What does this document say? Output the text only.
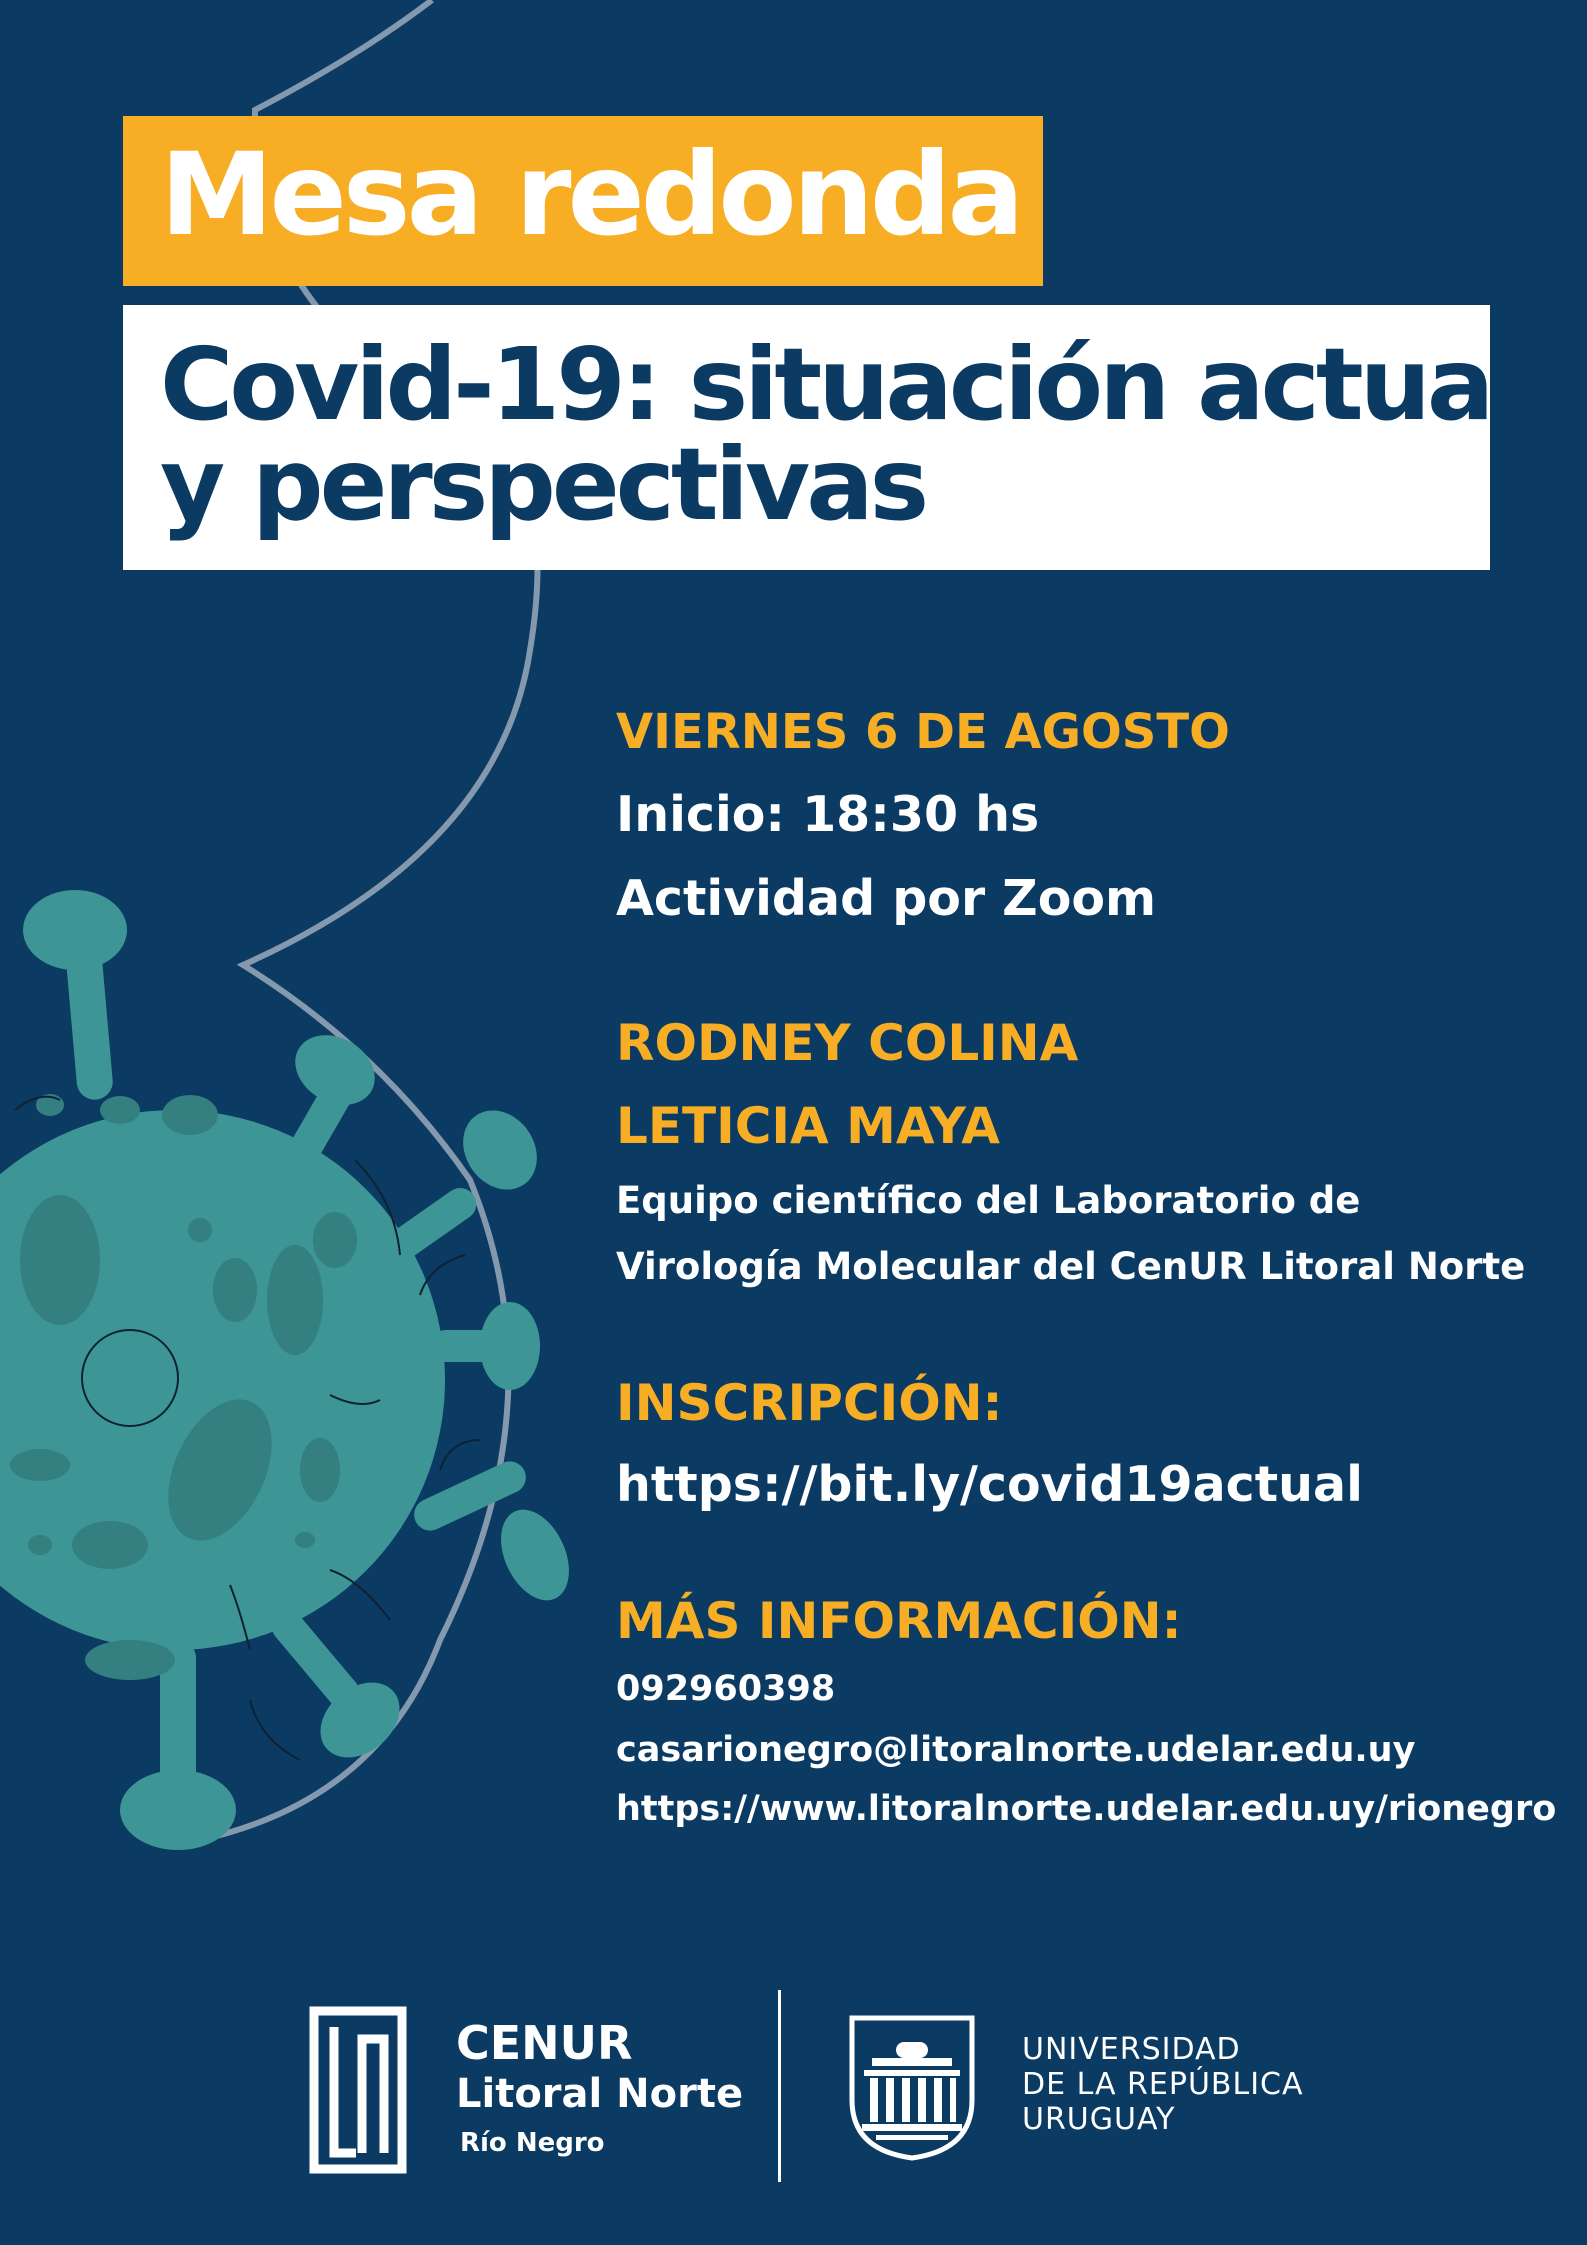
Mesa redonda
Covid-19: situación actual
y perspectivas
VIERNES 6 DE AGOSTO
Inicio: 18:30 hs
Actividad por Zoom
RODNEY COLINA
LETICIA MAYA
Equipo científico del Laboratorio de
Virología Molecular del CenUR Litoral Norte
INSCRIPCIÓN:
https://bit.ly/covid19actual
MÁS INFORMACIÓN:
092960398
casarionegro@litoralnorte.udelar.edu.uy
https://www.litoralnorte.udelar.edu.uy/rionegro
CENUR
Litoral Norte
Río Negro
UNIVERSIDAD
DE LA REPÚBLICA
URUGUAY
